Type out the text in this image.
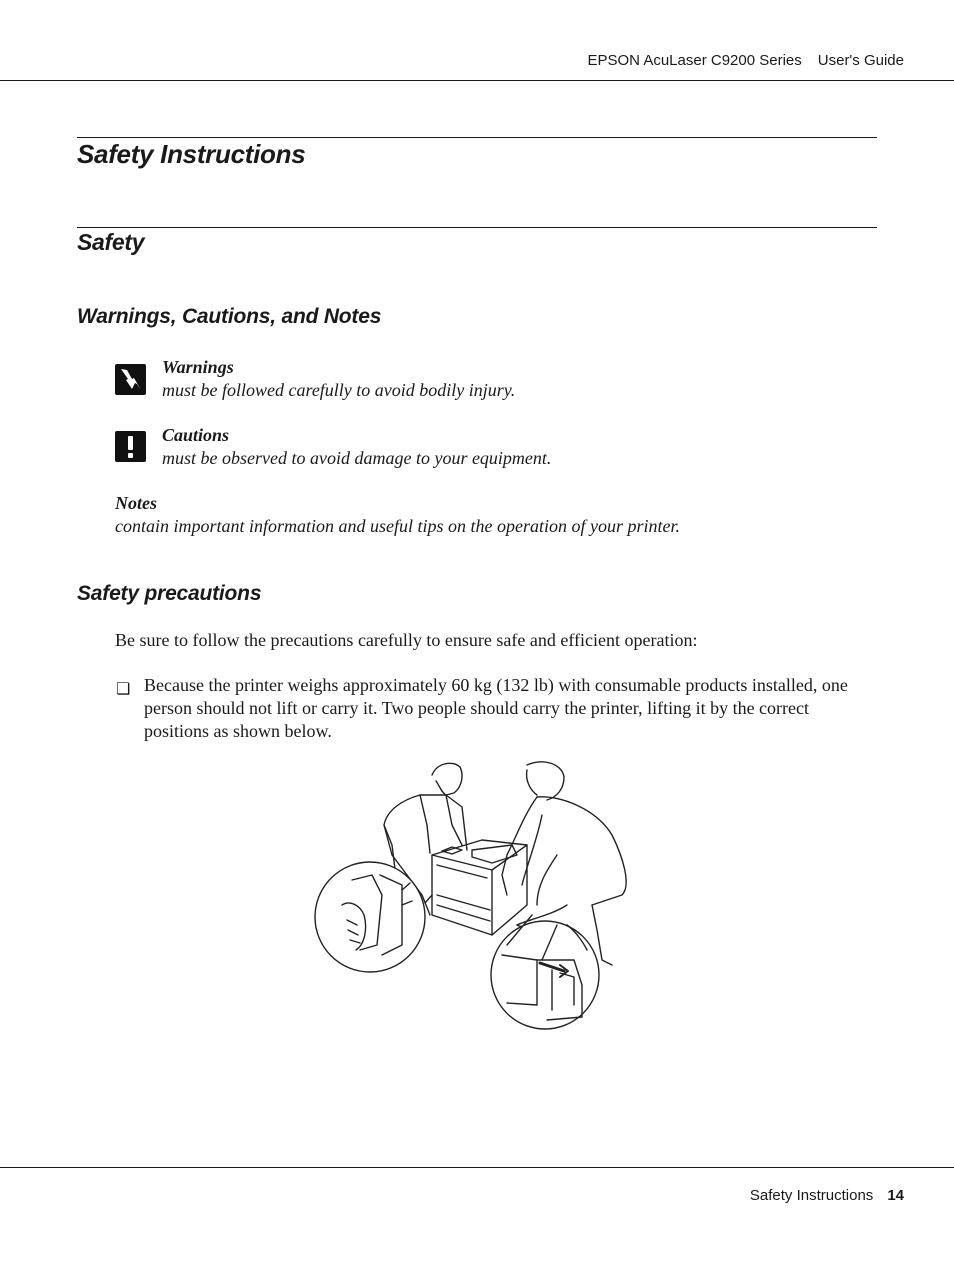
EPSON AcuLaser C9200 Series User's Guide
Safety Instructions
Safety
Warnings, Cautions, and Notes
Warnings
must be followed carefully to avoid bodily injury.
Cautions
must be observed to avoid damage to your equipment.
Notes
contain important information and useful tips on the operation of your printer.
Safety precautions
Be sure to follow the precautions carefully to ensure safe and efficient operation:
❏ Because the printer weighs approximately 60 kg (132 lb) with consumable products installed, one
person should not lift or carry it. Two people should carry the printer, lifting it by the correct
positions as shown below.
Safety Instructions 14
